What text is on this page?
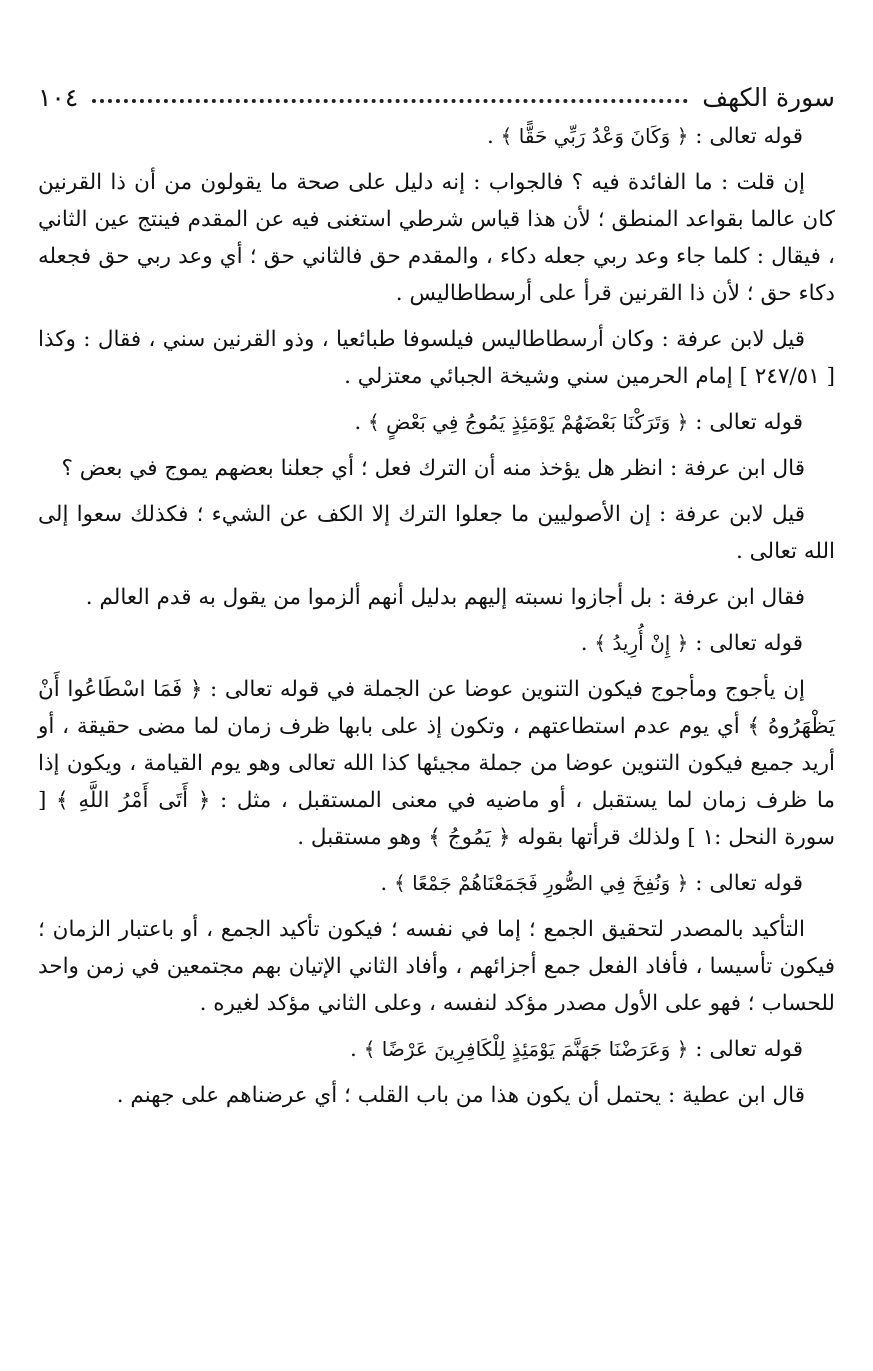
سورة الكهف
١٠٤

قوله تعالى : ﴿ وَكَانَ وَعْدُ رَبِّي حَقًّا ﴾ .

إن قلت : ما الفائدة فيه ؟ فالجواب : إنه دليل على صحة ما يقولون من أن ذا القرنين كان عالما بقواعد المنطق ؛ لأن هذا قياس شرطي استغنى فيه عن المقدم فينتج عين الثاني ، فيقال : كلما جاء وعد ربي جعله دكاء ، والمقدم حق فالثاني حق ؛ أي وعد ربي حق فجعله دكاء حق ؛ لأن ذا القرنين قرأ على أرسطاطاليس .

قيل لابن عرفة : وكان أرسطاطاليس فيلسوفا طبائعيا ، وذو القرنين سني ، فقال : وكذا [ ٢٤٧/٥١ ] إمام الحرمين سني وشيخة الجبائي معتزلي .

قوله تعالى : ﴿ وَتَرَكْنَا بَعْضَهُمْ يَوْمَئِذٍ يَمُوجُ فِي بَعْضٍ ﴾ .

قال ابن عرفة : انظر هل يؤخذ منه أن الترك فعل ؛ أي جعلنا بعضهم يموج في بعض ؟

قيل لابن عرفة : إن الأصوليين ما جعلوا الترك إلا الكف عن الشيء ؛ فكذلك سعوا إلى الله تعالى .

فقال ابن عرفة : بل أجازوا نسبته إليهم بدليل أنهم ألزموا من يقول به قدم العالم .

قوله تعالى : ﴿ إِنْ أُرِيدُ ﴾ .

إن يأجوج ومأجوج فيكون التنوين عوضا عن الجملة في قوله تعالى : ﴿ فَمَا اسْطَاعُوا أَنْ يَظْهَرُوهُ ﴾ أي يوم عدم استطاعتهم ، وتكون إذ على بابها ظرف زمان لما مضى حقيقة ، أو أريد جميع فيكون التنوين عوضا من جملة مجيئها كذا الله تعالى وهو يوم القيامة ، ويكون إذا ما ظرف زمان لما يستقبل ، أو ماضيه في معنى المستقبل ، مثل : ﴿ أَتَى أَمْرُ اللَّهِ ﴾ [ سورة النحل :١ ] ولذلك قرأتها بقوله ﴿ يَمُوجُ ﴾ وهو مستقبل .

قوله تعالى : ﴿ وَنُفِخَ فِي الصُّورِ فَجَمَعْنَاهُمْ جَمْعًا ﴾ .

التأكيد بالمصدر لتحقيق الجمع ؛ إما في نفسه ؛ فيكون تأكيد الجمع ، أو باعتبار الزمان ؛ فيكون تأسيسا ، فأفاد الفعل جمع أجزائهم ، وأفاد الثاني الإتيان بهم مجتمعين في زمن واحد للحساب ؛ فهو على الأول مصدر مؤكد لنفسه ، وعلى الثاني مؤكد لغيره .

قوله تعالى : ﴿ وَعَرَضْنَا جَهَنَّمَ يَوْمَئِذٍ لِلْكَافِرِينَ عَرْضًا ﴾ .

قال ابن عطية : يحتمل أن يكون هذا من باب القلب ؛ أي عرضناهم على جهنم .
